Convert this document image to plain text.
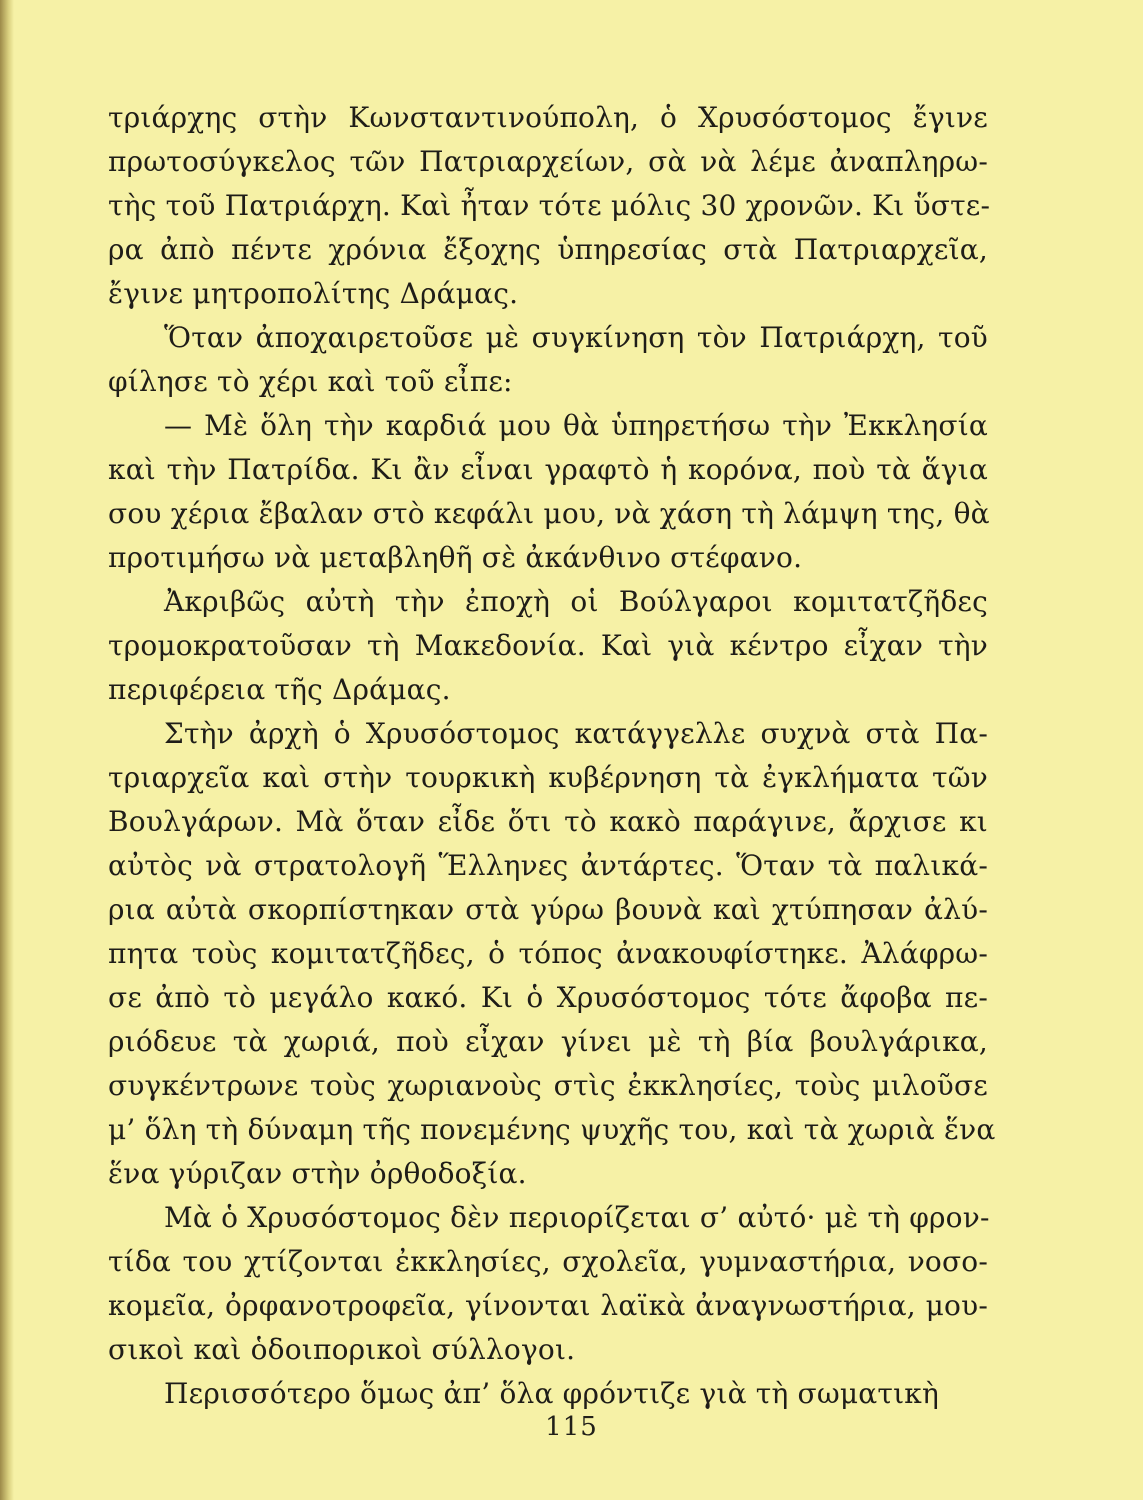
τριάρχης στὴν Κωνσταντινούπολη, ὁ Χρυσόστομος ἔγινε
πρωτοσύγκελος τῶν Πατριαρχείων, σὰ νὰ λέμε ἀναπληρω-
τὴς τοῦ Πατριάρχη. Καὶ ἦταν τότε μόλις 30 χρονῶν. Κι ὕστε-
ρα ἀπὸ πέντε χρόνια ἔξοχης ὑπηρεσίας στὰ Πατριαρχεῖα,
ἔγινε μητροπολίτης Δράμας.
Ὅταν ἀποχαιρετοῦσε μὲ συγκίνηση τὸν Πατριάρχη, τοῦ
φίλησε τὸ χέρι καὶ τοῦ εἶπε:
— Μὲ ὅλη τὴν καρδιά μου θὰ ὑπηρετήσω τὴν Ἐκκλησία
καὶ τὴν Πατρίδα. Κι ἂν εἶναι γραφτὸ ἡ κορόνα, ποὺ τὰ ἅγια
σου χέρια ἔβαλαν στὸ κεφάλι μου, νὰ χάση τὴ λάμψη της, θὰ
προτιμήσω νὰ μεταβληθῆ σὲ ἀκάνθινο στέφανο.
Ἀκριβῶς αὐτὴ τὴν ἐποχὴ οἱ Βούλγαροι κομιτατζῆδες
τρομοκρατοῦσαν τὴ Μακεδονία. Καὶ γιὰ κέντρο εἶχαν τὴν
περιφέρεια τῆς Δράμας.
Στὴν ἀρχὴ ὁ Χρυσόστομος κατάγγελλε συχνὰ στὰ Πα-
τριαρχεῖα καὶ στὴν τουρκικὴ κυβέρνηση τὰ ἐγκλήματα τῶν
Βουλγάρων. Μὰ ὅταν εἶδε ὅτι τὸ κακὸ παράγινε, ἄρχισε κι
αὐτὸς νὰ στρατολογῆ Ἕλληνες ἀντάρτες. Ὅταν τὰ παλικά-
ρια αὐτὰ σκορπίστηκαν στὰ γύρω βουνὰ καὶ χτύπησαν ἀλύ-
πητα τοὺς κομιτατζῆδες, ὁ τόπος ἀνακουφίστηκε. Ἀλάφρω-
σε ἀπὸ τὸ μεγάλο κακό. Κι ὁ Χρυσόστομος τότε ἄφοβα πε-
ριόδευε τὰ χωριά, ποὺ εἶχαν γίνει μὲ τὴ βία βουλγάρικα,
συγκέντρωνε τοὺς χωριανοὺς στὶς ἐκκλησίες, τοὺς μιλοῦσε
μ’ ὅλη τὴ δύναμη τῆς πονεμένης ψυχῆς του, καὶ τὰ χωριὰ ἕνα
ἕνα γύριζαν στὴν ὀρθοδοξία.
Μὰ ὁ Χρυσόστομος δὲν περιορίζεται σ’ αὐτό· μὲ τὴ φρον-
τίδα του χτίζονται ἐκκλησίες, σχολεῖα, γυμναστήρια, νοσο-
κομεῖα, ὀρφανοτροφεῖα, γίνονται λαϊκὰ ἀναγνωστήρια, μου-
σικοὶ καὶ ὁδοιπορικοὶ σύλλογοι.
Περισσότερο ὅμως ἀπ’ ὅλα φρόντιζε γιὰ τὴ σωματικὴ
115
